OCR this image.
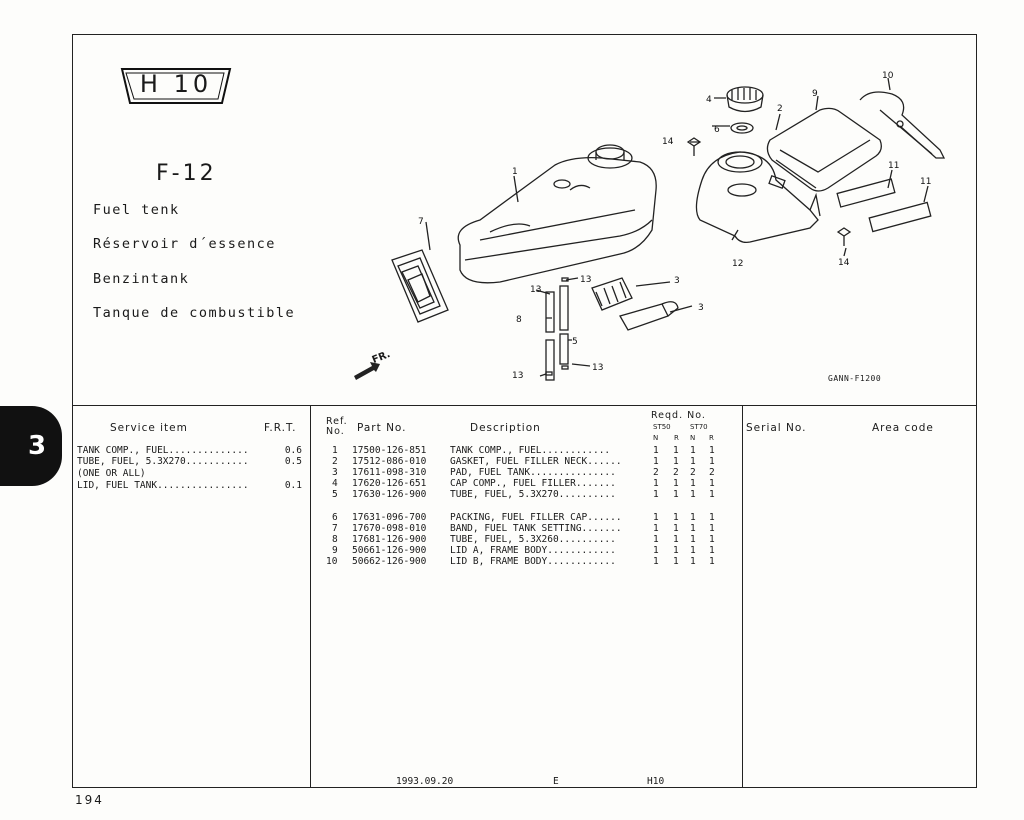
3
H 10
F-12
Fuel tenk
Réservoir d´essence
Benzintank
Tanque de combustible
1
2
3
3
4
5
6
7
8
9
10
11
11
12
13
13
13
13
14
14
FR.
GANN-F1200
Service item	F.R.T.
Ref. No.	Part No.	Description
Reqd. No.
ST50	ST70
N R N R
Serial No.	Area code
TANK COMP., FUEL..............	0.6
TUBE, FUEL, 5.3X270...........	0.5
(ONE OR ALL)
LID, FUEL TANK................	0.1
1 17500-126-851 TANK COMP., FUEL............	1 1 1 1
2 17512-086-010 GASKET, FUEL FILLER NECK......	1 1 1 1
3 17611-098-310 PAD, FUEL TANK...............	2 2 2 2
4 17620-126-651 CAP COMP., FUEL FILLER.......	1 1 1 1
5 17630-126-900 TUBE, FUEL, 5.3X270..........	1 1 1 1
6 17631-096-700 PACKING, FUEL FILLER CAP......	1 1 1 1
7 17670-098-010 BAND, FUEL TANK SETTING.......	1 1 1 1
8 17681-126-900 TUBE, FUEL, 5.3X260..........	1 1 1 1
9 50661-126-900 LID A, FRAME BODY............	1 1 1 1
10 50662-126-900 LID B, FRAME BODY............	1 1 1 1
1993.09.20	E	H10
194
